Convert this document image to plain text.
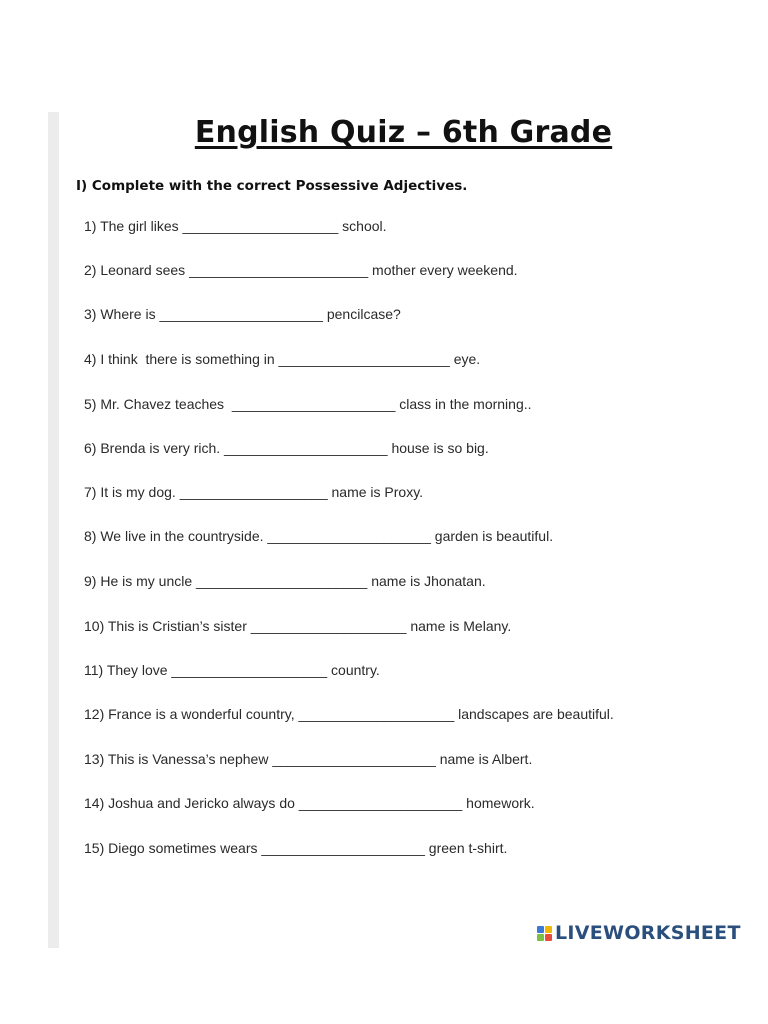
English Quiz – 6th Grade
I) Complete with the correct Possessive Adjectives.
1) The girl likes ____________________ school.
2) Leonard sees _______________________ mother every weekend.
3) Where is _____________________ pencilcase?
4) I think  there is something in ______________________ eye.
5) Mr. Chavez teaches  _____________________ class in the morning..
6) Brenda is very rich. _____________________ house is so big.
7) It is my dog. ___________________ name is Proxy.
8) We live in the countryside. _____________________ garden is beautiful.
9) He is my uncle ______________________ name is Jhonatan.
10) This is Cristian’s sister ____________________ name is Melany.
11) They love ____________________ country.
12) France is a wonderful country, ____________________ landscapes are beautiful.
13) This is Vanessa’s nephew _____________________ name is Albert.
14) Joshua and Jericko always do _____________________ homework.
15) Diego sometimes wears _____________________ green t-shirt.
LIVEWORKSHEET
